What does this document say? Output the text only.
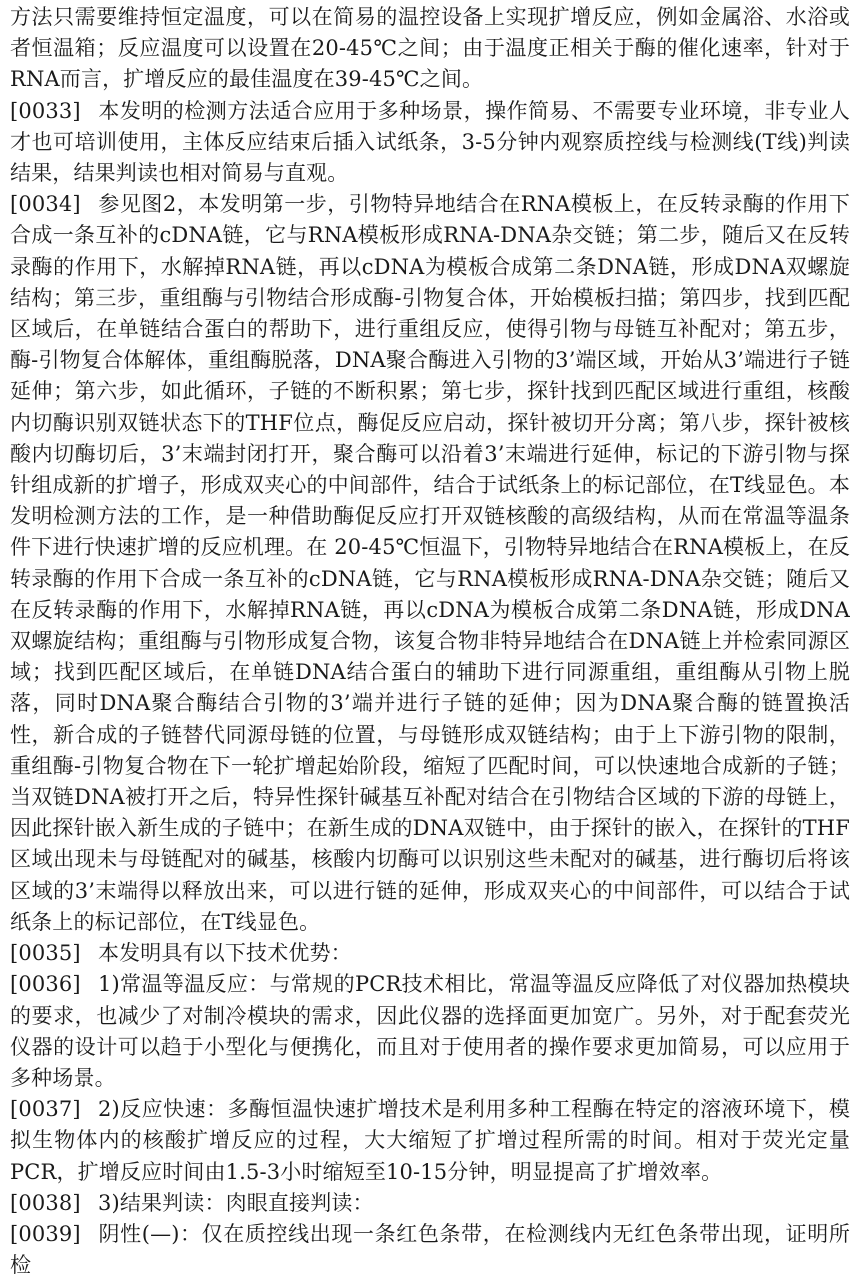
方法只需要维持恒定温度，可以在简易的温控设备上实现扩增反应，例如金属浴、水浴或者恒温箱；反应温度可以设置在20-45℃之间；由于温度正相关于酶的催化速率，针对于RNA而言，扩增反应的最佳温度在39-45℃之间。

[0033] 本发明的检测方法适合应用于多种场景，操作简易、不需要专业环境，非专业人才也可培训使用，主体反应结束后插入试纸条，3-5分钟内观察质控线与检测线(T线)判读结果，结果判读也相对简易与直观。

[0034] 参见图2，本发明第一步，引物特异地结合在RNA模板上，在反转录酶的作用下合成一条互补的cDNA链，它与RNA模板形成RNA-DNA杂交链；第二步，随后又在反转录酶的作用下，水解掉RNA链，再以cDNA为模板合成第二条DNA链，形成DNA双螺旋结构；第三步，重组酶与引物结合形成酶-引物复合体，开始模板扫描；第四步，找到匹配区域后，在单链结合蛋白的帮助下，进行重组反应，使得引物与母链互补配对；第五步，酶-引物复合体解体，重组酶脱落，DNA聚合酶进入引物的3’端区域，开始从3’端进行子链延伸；第六步，如此循环，子链的不断积累；第七步，探针找到匹配区域进行重组，核酸内切酶识别双链状态下的THF位点，酶促反应启动，探针被切开分离；第八步，探针被核酸内切酶切后，3’末端封闭打开，聚合酶可以沿着3’末端进行延伸，标记的下游引物与探针组成新的扩增子，形成双夹心的中间部件，结合于试纸条上的标记部位，在T线显色。本发明检测方法的工作，是一种借助酶促反应打开双链核酸的高级结构，从而在常温等温条件下进行快速扩增的反应机理。在 20-45℃恒温下，引物特异地结合在RNA模板上，在反转录酶的作用下合成一条互补的cDNA链，它与RNA模板形成RNA-DNA杂交链；随后又在反转录酶的作用下，水解掉RNA链，再以cDNA为模板合成第二条DNA链，形成DNA 双螺旋结构；重组酶与引物形成复合物，该复合物非特异地结合在DNA链上并检索同源区域；找到匹配区域后，在单链DNA结合蛋白的辅助下进行同源重组，重组酶从引物上脱落，同时DNA聚合酶结合引物的3’端并进行子链的延伸；因为DNA聚合酶的链置换活性，新合成的子链替代同源母链的位置，与母链形成双链结构；由于上下游引物的限制，重组酶-引物复合物在下一轮扩增起始阶段，缩短了匹配时间，可以快速地合成新的子链；当双链DNA被打开之后，特异性探针碱基互补配对结合在引物结合区域的下游的母链上，因此探针嵌入新生成的子链中；在新生成的DNA双链中，由于探针的嵌入，在探针的THF区域出现未与母链配对的碱基，核酸内切酶可以识别这些未配对的碱基，进行酶切后将该区域的3’末端得以释放出来，可以进行链的延伸，形成双夹心的中间部件，可以结合于试纸条上的标记部位，在T线显色。

[0035] 本发明具有以下技术优势：

[0036] 1)常温等温反应：与常规的PCR技术相比，常温等温反应降低了对仪器加热模块的要求，也减少了对制冷模块的需求，因此仪器的选择面更加宽广。另外，对于配套荧光仪器的设计可以趋于小型化与便携化，而且对于使用者的操作要求更加简易，可以应用于多种场景。

[0037] 2)反应快速：多酶恒温快速扩增技术是利用多种工程酶在特定的溶液环境下，模拟生物体内的核酸扩增反应的过程，大大缩短了扩增过程所需的时间。相对于荧光定量PCR，扩增反应时间由1.5-3小时缩短至10-15分钟，明显提高了扩增效率。

[0038] 3)结果判读：肉眼直接判读：

[0039] 阴性(—)：仅在质控线出现一条红色条带，在检测线内无红色条带出现，证明所检
